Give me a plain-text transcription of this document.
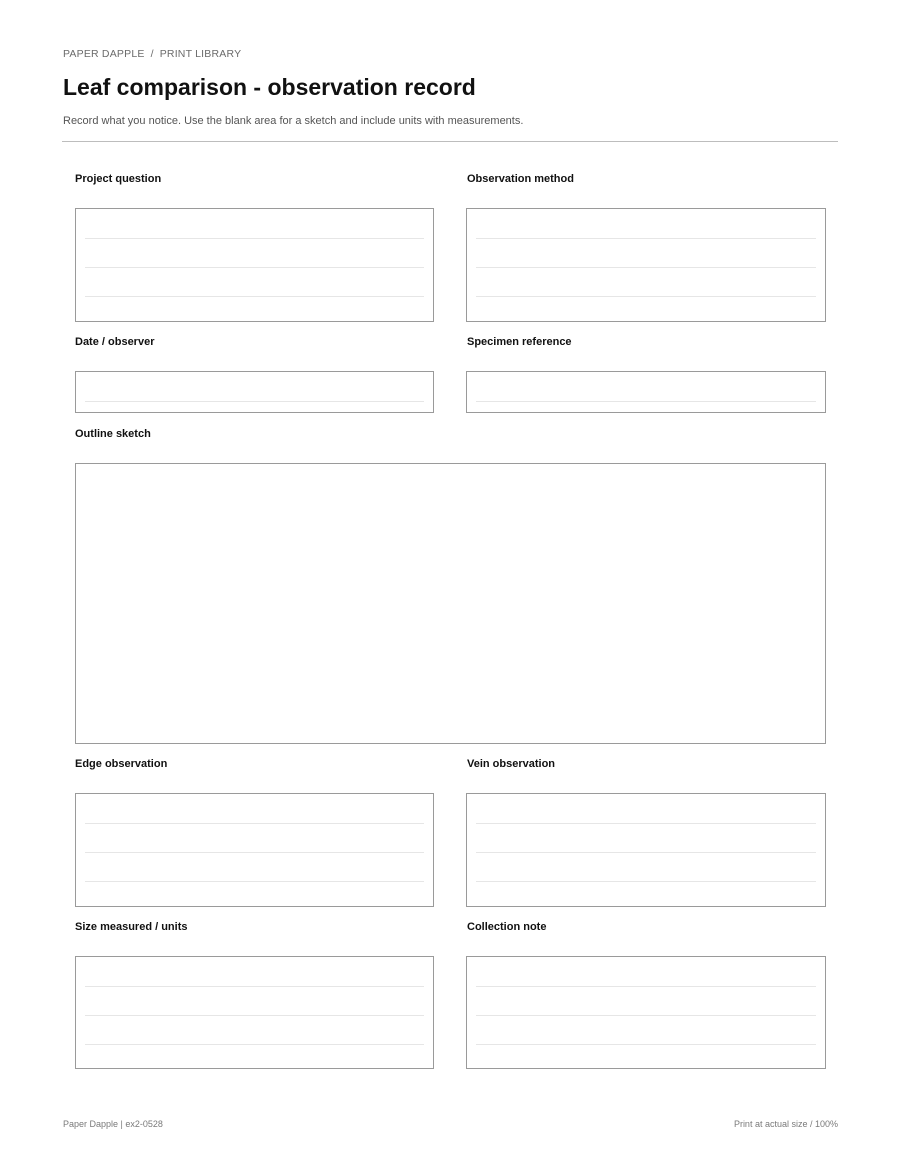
PAPER DAPPLE / PRINT LIBRARY
Leaf comparison - observation record

Record what you notice. Use the blank area for a sketch and include units with measurements.

Project question	Observation method
Date / observer	Specimen reference
Outline sketch
Edge observation	Vein observation
Size measured / units	Collection note
Paper Dapple | ex2-0528	Print at actual size / 100%
